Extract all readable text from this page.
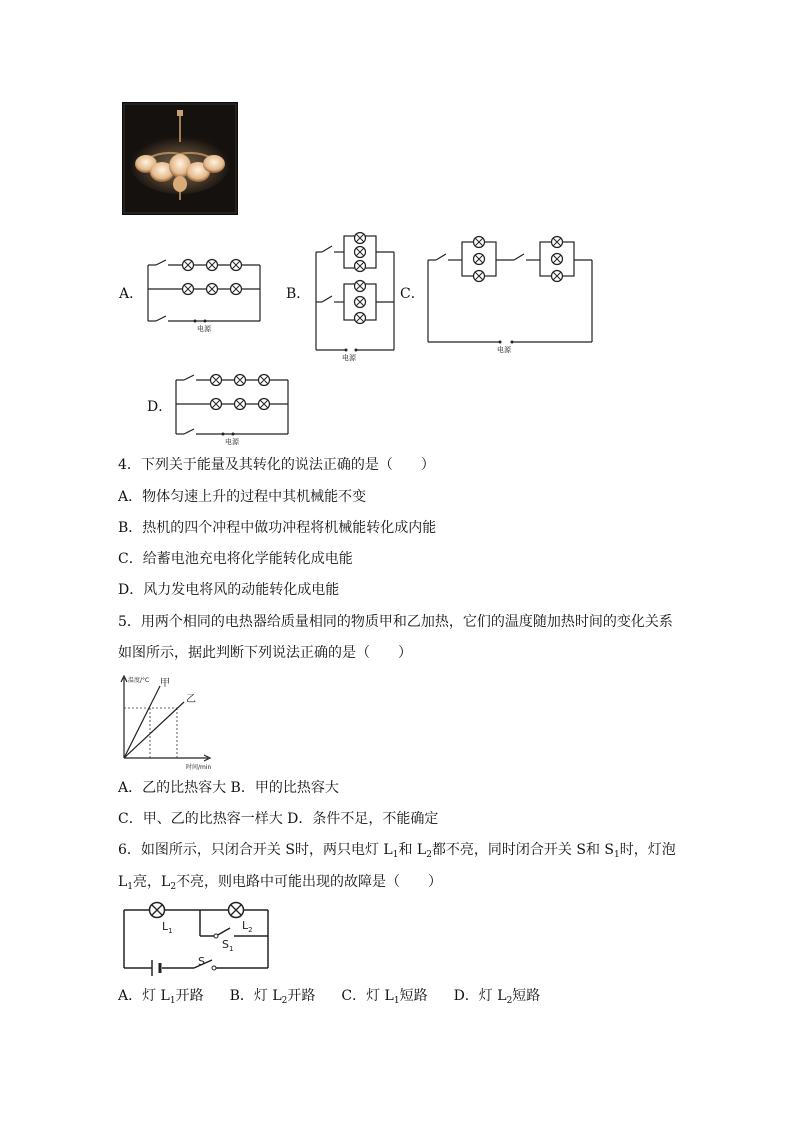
A．
电源
B．
电源
C．
电源
D．
电源
4．下列关于能量及其转化的说法正确的是（　　）
A．物体匀速上升的过程中其机械能不变
B．热机的四个冲程中做功冲程将机械能转化成内能
C．给蓄电池充电将化学能转化成电能
D．风力发电将风的动能转化成电能
5．用两个相同的电热器给质量相同的物质甲和乙加热，它们的温度随加热时间的变化关系
如图所示，据此判断下列说法正确的是（　　）
温度/°C
时间/min
甲
乙
A．乙的比热容大 B．甲的比热容大
C．甲、乙的比热容一样大 D．条件不足，不能确定
6．如图所示，只闭合开关 S时，两只电灯 $L_1$和 $L_2$都不亮，同时闭合开关 S和 $S_1$时，灯泡
$L_1$亮，$L_2$不亮，则电路中可能出现的故障是（　　）
$L_1$	$L_2$
$S_1$
S
A．灯 $L_1$开路 B．灯 $L_2$开路 C．灯 $L_1$短路 D．灯 $L_2$短路
